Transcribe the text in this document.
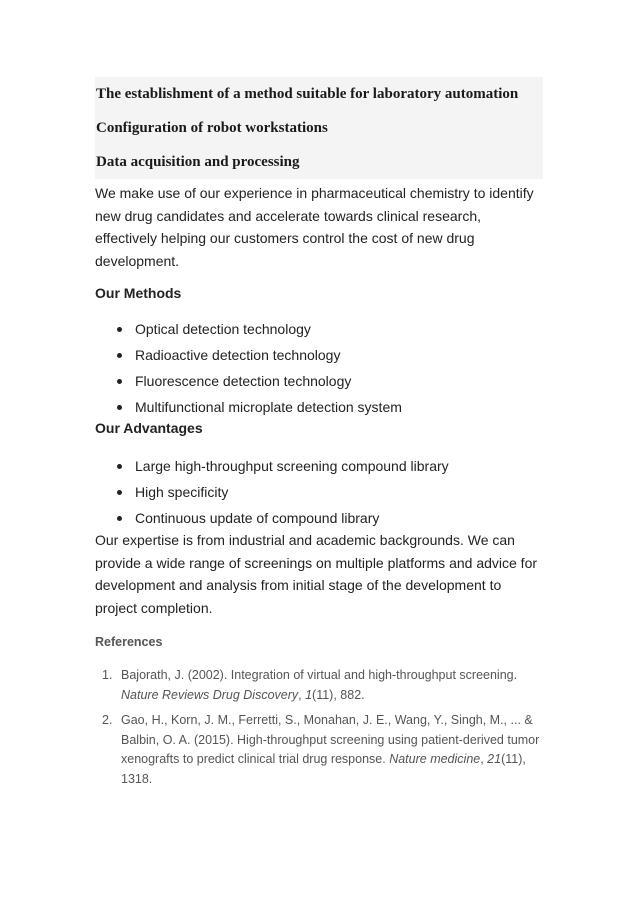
The establishment of a method suitable for laboratory automation
Configuration of robot workstations
Data acquisition and processing

We make use of our experience in pharmaceutical chemistry to identify new drug candidates and accelerate towards clinical research, effectively helping our customers control the cost of new drug development.

Our Methods
Optical detection technology
Radioactive detection technology
Fluorescence detection technology
Multifunctional microplate detection system
Our Advantages
Large high-throughput screening compound library
High specificity
Continuous update of compound library

Our expertise is from industrial and academic backgrounds. We can provide a wide range of screenings on multiple platforms and advice for development and analysis from initial stage of the development to project completion.

References
1. Bajorath, J. (2002). Integration of virtual and high-throughput screening. Nature Reviews Drug Discovery, 1(11), 882.
2. Gao, H., Korn, J. M., Ferretti, S., Monahan, J. E., Wang, Y., Singh, M., ... & Balbin, O. A. (2015). High-throughput screening using patient-derived tumor xenografts to predict clinical trial drug response. Nature medicine, 21(11), 1318.
